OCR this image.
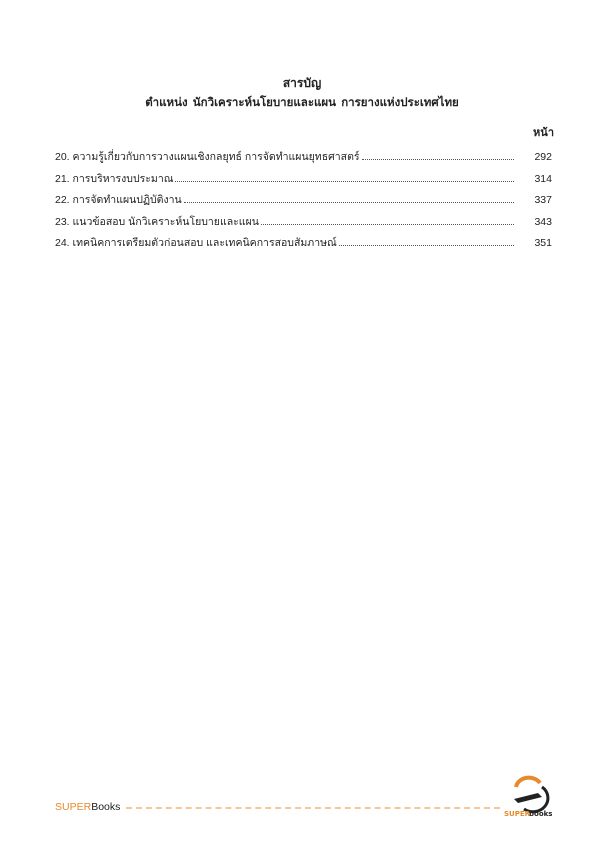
สารบัญ
ตำแหน่ง นักวิเคราะห์นโยบายและแผน การยางแห่งประเทศไทย
หน้า
20. ความรู้เกี่ยวกับการวางแผนเชิงกลยุทธ์ การจัดทำแผนยุทธศาสตร์	292
21. การบริหารงบประมาณ	314
22. การจัดทำแผนปฏิบัติงาน	337
23. แนวข้อสอบ นักวิเคราะห์นโยบายและแผน	343
24. เทคนิคการเตรียมตัวก่อนสอบ และเทคนิคการสอบสัมภาษณ์	351
SUPERBooks
SUPER
books
